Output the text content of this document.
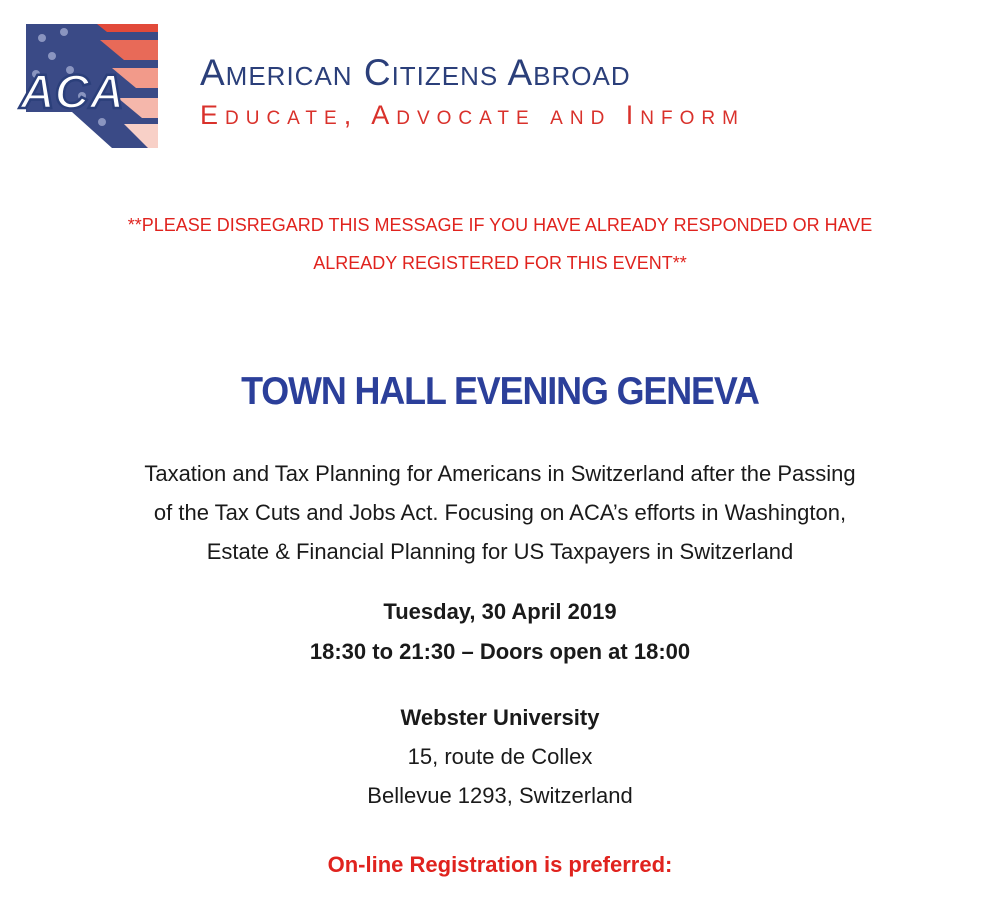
ACA American Citizens Abroad
Educate, Advocate and Inform
**PLEASE DISREGARD THIS MESSAGE IF YOU HAVE ALREADY RESPONDED OR HAVE
ALREADY REGISTERED FOR THIS EVENT**
TOWN HALL EVENING GENEVA
Taxation and Tax Planning for Americans in Switzerland after the Passing
of the Tax Cuts and Jobs Act. Focusing on ACA’s efforts in Washington,
Estate & Financial Planning for US Taxpayers in Switzerland
Tuesday, 30 April 2019
18:30 to 21:30 – Doors open at 18:00
Webster University
15, route de Collex
Bellevue 1293, Switzerland
On-line Registration is preferred:
